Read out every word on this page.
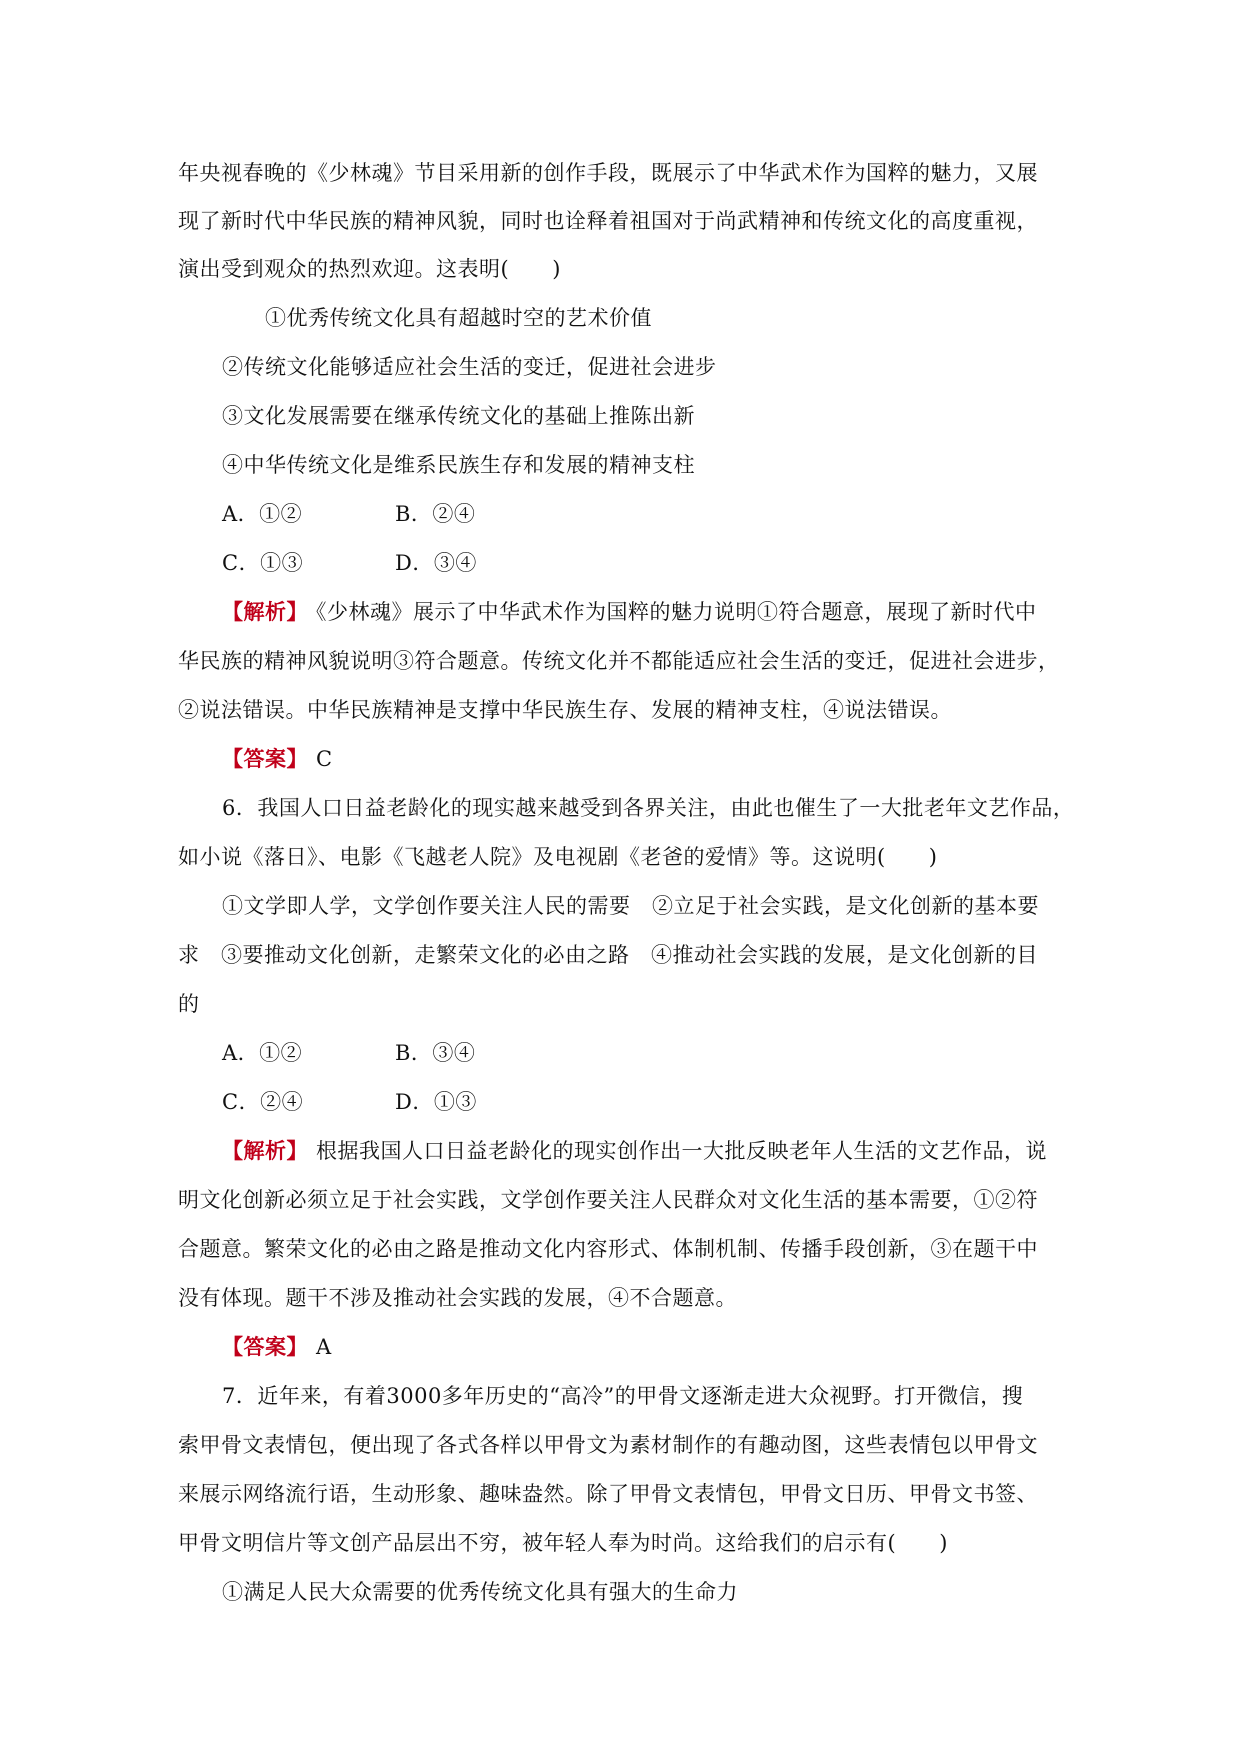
年央视春晚的《少林魂》节目采用新的创作手段，既展示了中华武术作为国粹的魅力，又展
现了新时代中华民族的精神风貌，同时也诠释着祖国对于尚武精神和传统文化的高度重视，
演出受到观众的热烈欢迎。这表明(　　)
①优秀传统文化具有超越时空的艺术价值
②传统文化能够适应社会生活的变迁，促进社会进步
③文化发展需要在继承传统文化的基础上推陈出新
④中华传统文化是维系民族生存和发展的精神支柱
A．①②	B．②④
C．①③	D．③④
【解析】 《少林魂》展示了中华武术作为国粹的魅力说明①符合题意，展现了新时代中
华民族的精神风貌说明③符合题意。传统文化并不都能适应社会生活的变迁，促进社会进步，
②说法错误。中华民族精神是支撑中华民族生存、发展的精神支柱，④说法错误。
【答案】 C
6．我国人口日益老龄化的现实越来越受到各界关注，由此也催生了一大批老年文艺作品，
如小说《落日》、电影《飞越老人院》及电视剧《老爸的爱情》等。这说明(　　)
①文学即人学，文学创作要关注人民的需要　②立足于社会实践，是文化创新的基本要
求　③要推动文化创新，走繁荣文化的必由之路　④推动社会实践的发展，是文化创新的目
的
A．①②	B．③④
C．②④	D．①③
【解析】 根据我国人口日益老龄化的现实创作出一大批反映老年人生活的文艺作品，说
明文化创新必须立足于社会实践，文学创作要关注人民群众对文化生活的基本需要，①②符
合题意。繁荣文化的必由之路是推动文化内容形式、体制机制、传播手段创新，③在题干中
没有体现。题干不涉及推动社会实践的发展，④不合题意。
【答案】 A
7．近年来，有着3000多年历史的“高冷”的甲骨文逐渐走进大众视野。打开微信，搜
索甲骨文表情包，便出现了各式各样以甲骨文为素材制作的有趣动图，这些表情包以甲骨文
来展示网络流行语，生动形象、趣味盎然。除了甲骨文表情包，甲骨文日历、甲骨文书签、
甲骨文明信片等文创产品层出不穷，被年轻人奉为时尚。这给我们的启示有(　　)
①满足人民大众需要的优秀传统文化具有强大的生命力
